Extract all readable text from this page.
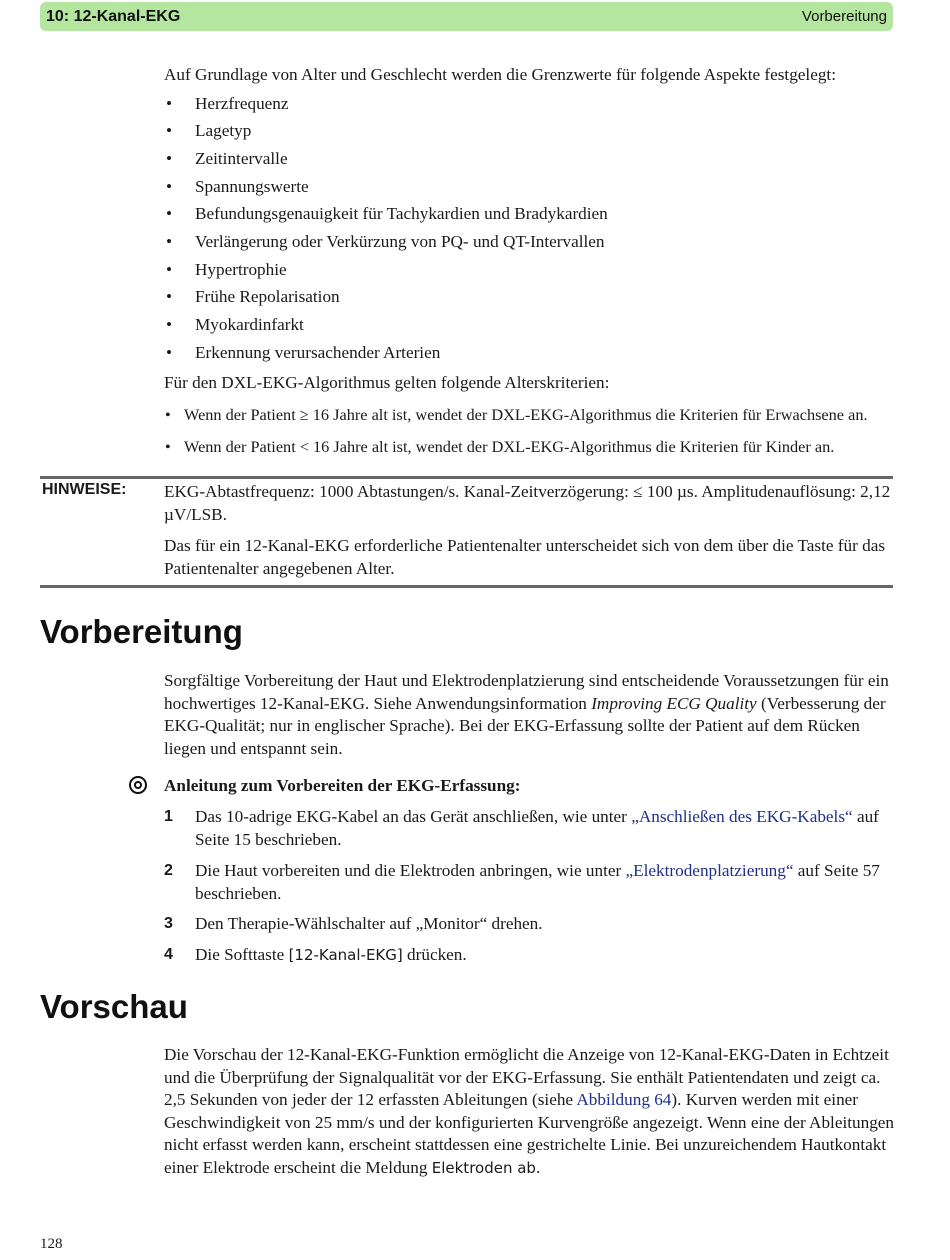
10: 12-Kanal-EKG	Vorbereitung

Auf Grundlage von Alter und Geschlecht werden die Grenzwerte für folgende Aspekte festgelegt:

• Herzfrequenz
• Lagetyp
• Zeitintervalle
• Spannungswerte
• Befundungsgenauigkeit für Tachykardien und Bradykardien
• Verlängerung oder Verkürzung von PQ- und QT-Intervallen
• Hypertrophie
• Frühe Repolarisation
• Myokardinfarkt
• Erkennung verursachender Arterien

Für den DXL-EKG-Algorithmus gelten folgende Alterskriterien:

• Wenn der Patient ≥ 16 Jahre alt ist, wendet der DXL-EKG-Algorithmus die Kriterien für Erwachsene an.
• Wenn der Patient < 16 Jahre alt ist, wendet der DXL-EKG-Algorithmus die Kriterien für Kinder an.
HINWEISE: EKG-Abtastfrequenz: 1000 Abtastungen/s. Kanal-Zeitverzögerung: ≤ 100 µs. Amplitudenauflösung: 2,12 µV/LSB.

Das für ein 12-Kanal-EKG erforderliche Patientenalter unterscheidet sich von dem über die Taste für das Patientenalter angegebenen Alter.

Vorbereitung

Sorgfältige Vorbereitung der Haut und Elektrodenplatzierung sind entscheidende Voraussetzungen für ein hochwertiges 12-Kanal-EKG. Siehe Anwendungsinformation Improving ECG Quality (Verbesserung der EKG-Qualität; nur in englischer Sprache). Bei der EKG-Erfassung sollte der Patient auf dem Rücken liegen und entspannt sein.

Anleitung zum Vorbereiten der EKG-Erfassung:
1 Das 10-adrige EKG-Kabel an das Gerät anschließen, wie unter „Anschließen des EKG-Kabels“ auf Seite 15 beschrieben.
2 Die Haut vorbereiten und die Elektroden anbringen, wie unter „Elektrodenplatzierung“ auf Seite 57 beschrieben.
3 Den Therapie-Wählschalter auf „Monitor“ drehen.
4 Die Softtaste [12-Kanal-EKG] drücken.
Vorschau

Die Vorschau der 12-Kanal-EKG-Funktion ermöglicht die Anzeige von 12-Kanal-EKG-Daten in Echtzeit und die Überprüfung der Signalqualität vor der EKG-Erfassung. Sie enthält Patientendaten und zeigt ca. 2,5 Sekunden von jeder der 12 erfassten Ableitungen (siehe Abbildung 64). Kurven werden mit einer Geschwindigkeit von 25 mm/s und der konfigurierten Kurvengröße angezeigt. Wenn eine der Ableitungen nicht erfasst werden kann, erscheint stattdessen eine gestrichelte Linie. Bei unzureichendem Hautkontakt einer Elektrode erscheint die Meldung Elektroden ab.

128
